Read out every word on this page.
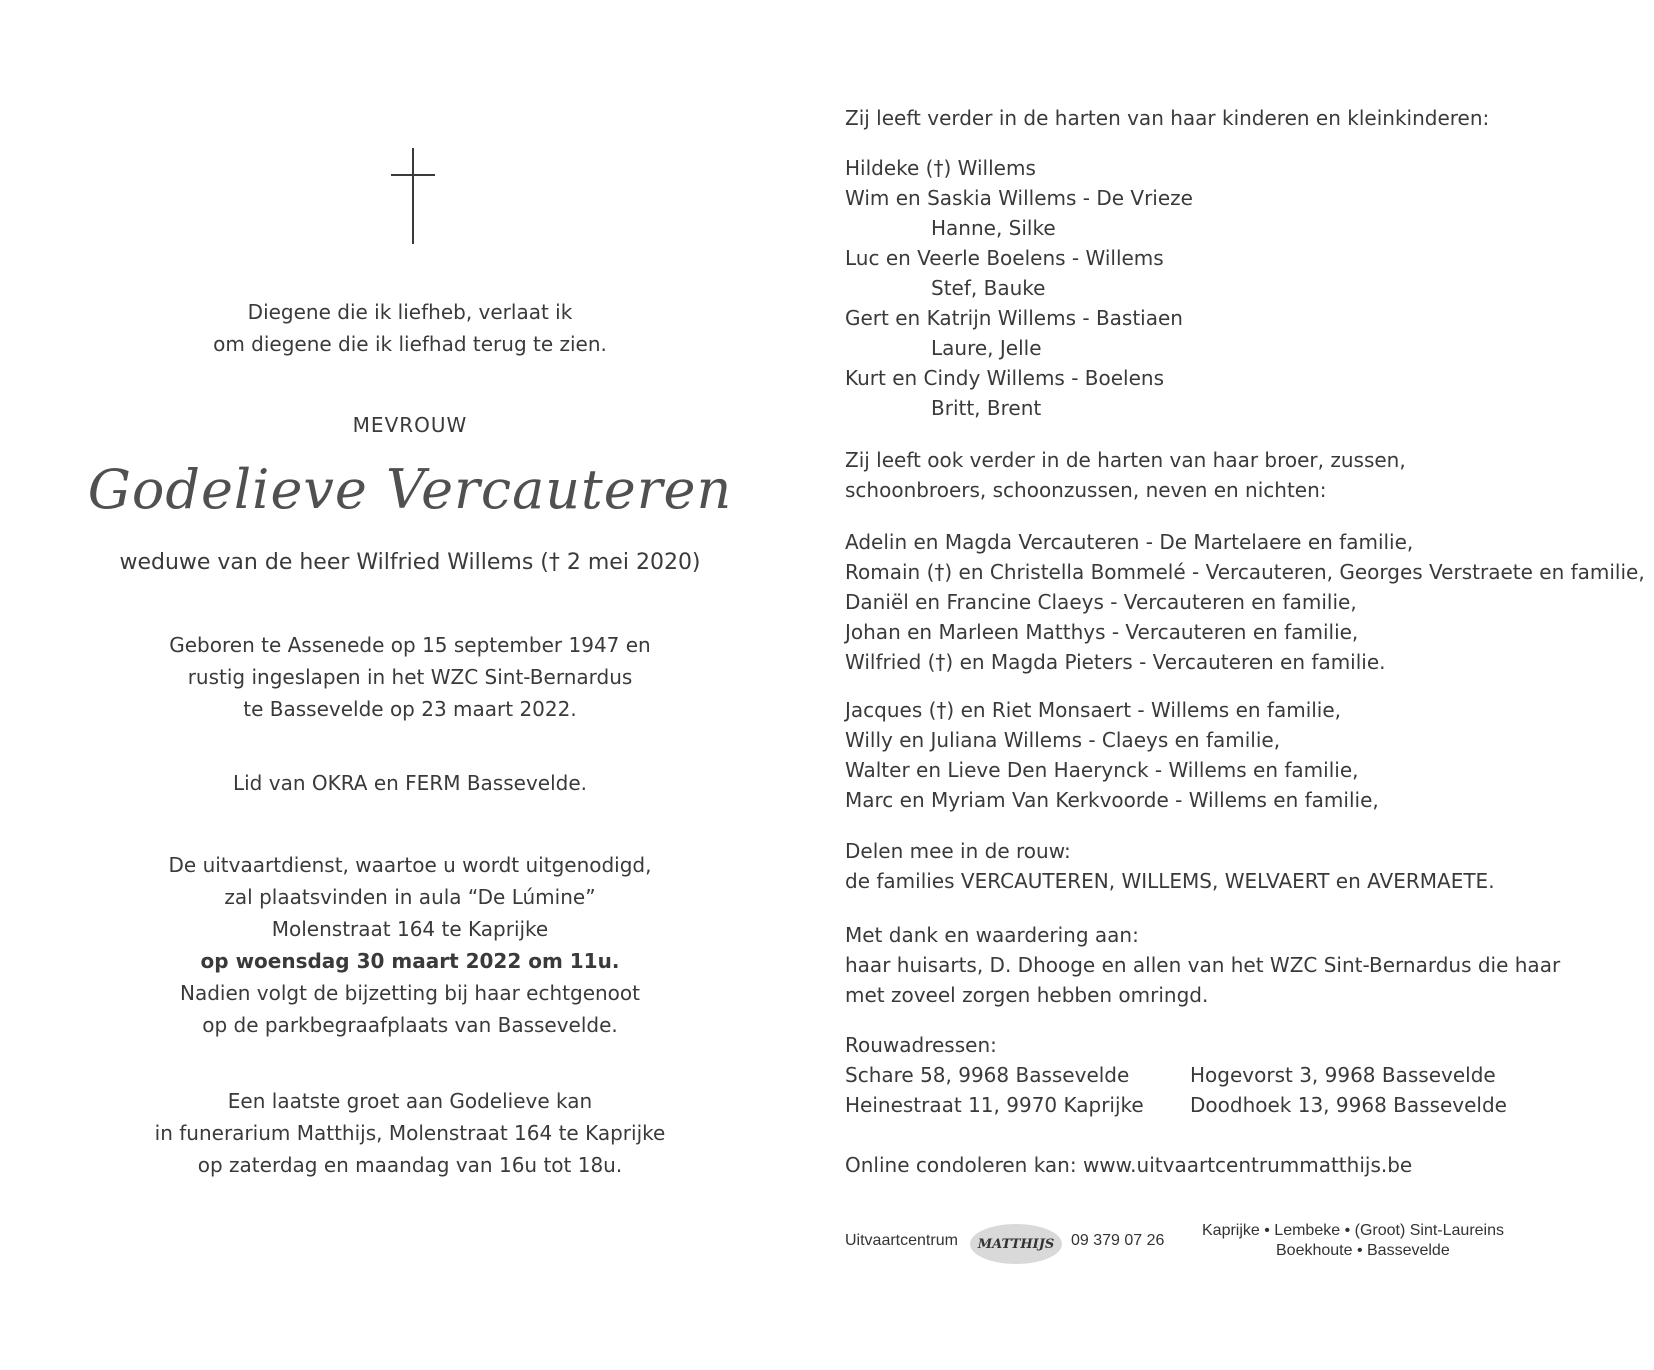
Diegene die ik liefheb, verlaat ik
om diegene die ik liefhad terug te zien.
MEVROUW
Godelieve Vercauteren
weduwe van de heer Wilfried Willems († 2 mei 2020)
Geboren te Assenede op 15 september 1947 en
rustig ingeslapen in het WZC Sint-Bernardus
te Bassevelde op 23 maart 2022.
Lid van OKRA en FERM Bassevelde.
De uitvaartdienst, waartoe u wordt uitgenodigd,
zal plaatsvinden in aula “De Lúmine”
Molenstraat 164 te Kaprijke
op woensdag 30 maart 2022 om 11u.
Nadien volgt de bijzetting bij haar echtgenoot
op de parkbegraafplaats van Bassevelde.
Een laatste groet aan Godelieve kan
in funerarium Matthijs, Molenstraat 164 te Kaprijke
op zaterdag en maandag van 16u tot 18u.
Zij leeft verder in de harten van haar kinderen en kleinkinderen:
Hildeke (†) Willems
Wim en Saskia Willems - De Vrieze
Hanne, Silke
Luc en Veerle Boelens - Willems
Stef, Bauke
Gert en Katrijn Willems - Bastiaen
Laure, Jelle
Kurt en Cindy Willems - Boelens
Britt, Brent
Zij leeft ook verder in de harten van haar broer, zussen,
schoonbroers, schoonzussen, neven en nichten:
Adelin en Magda Vercauteren - De Martelaere en familie,
Romain (†) en Christella Bommelé - Vercauteren, Georges Verstraete en familie,
Daniël en Francine Claeys - Vercauteren en familie,
Johan en Marleen Matthys - Vercauteren en familie,
Wilfried (†) en Magda Pieters - Vercauteren en familie.
Jacques (†) en Riet Monsaert - Willems en familie,
Willy en Juliana Willems - Claeys en familie,
Walter en Lieve Den Haerynck - Willems en familie,
Marc en Myriam Van Kerkvoorde - Willems en familie,
Delen mee in de rouw:
de families VERCAUTEREN, WILLEMS, WELVAERT en AVERMAETE.
Met dank en waardering aan:
haar huisarts, D. Dhooge en allen van het WZC Sint-Bernardus die haar
met zoveel zorgen hebben omringd.
Rouwadressen:
Schare 58, 9968 Bassevelde	Hogevorst 3, 9968 Bassevelde
Heinestraat 11, 9970 Kaprijke	Doodhoek 13, 9968 Bassevelde
Online condoleren kan: www.uitvaartcentrummatthijs.be
Uitvaartcentrum MATTHIJS 09 379 07 26
Kaprijke • Lembeke • (Groot) Sint-Laureins
Boekhoute • Bassevelde
